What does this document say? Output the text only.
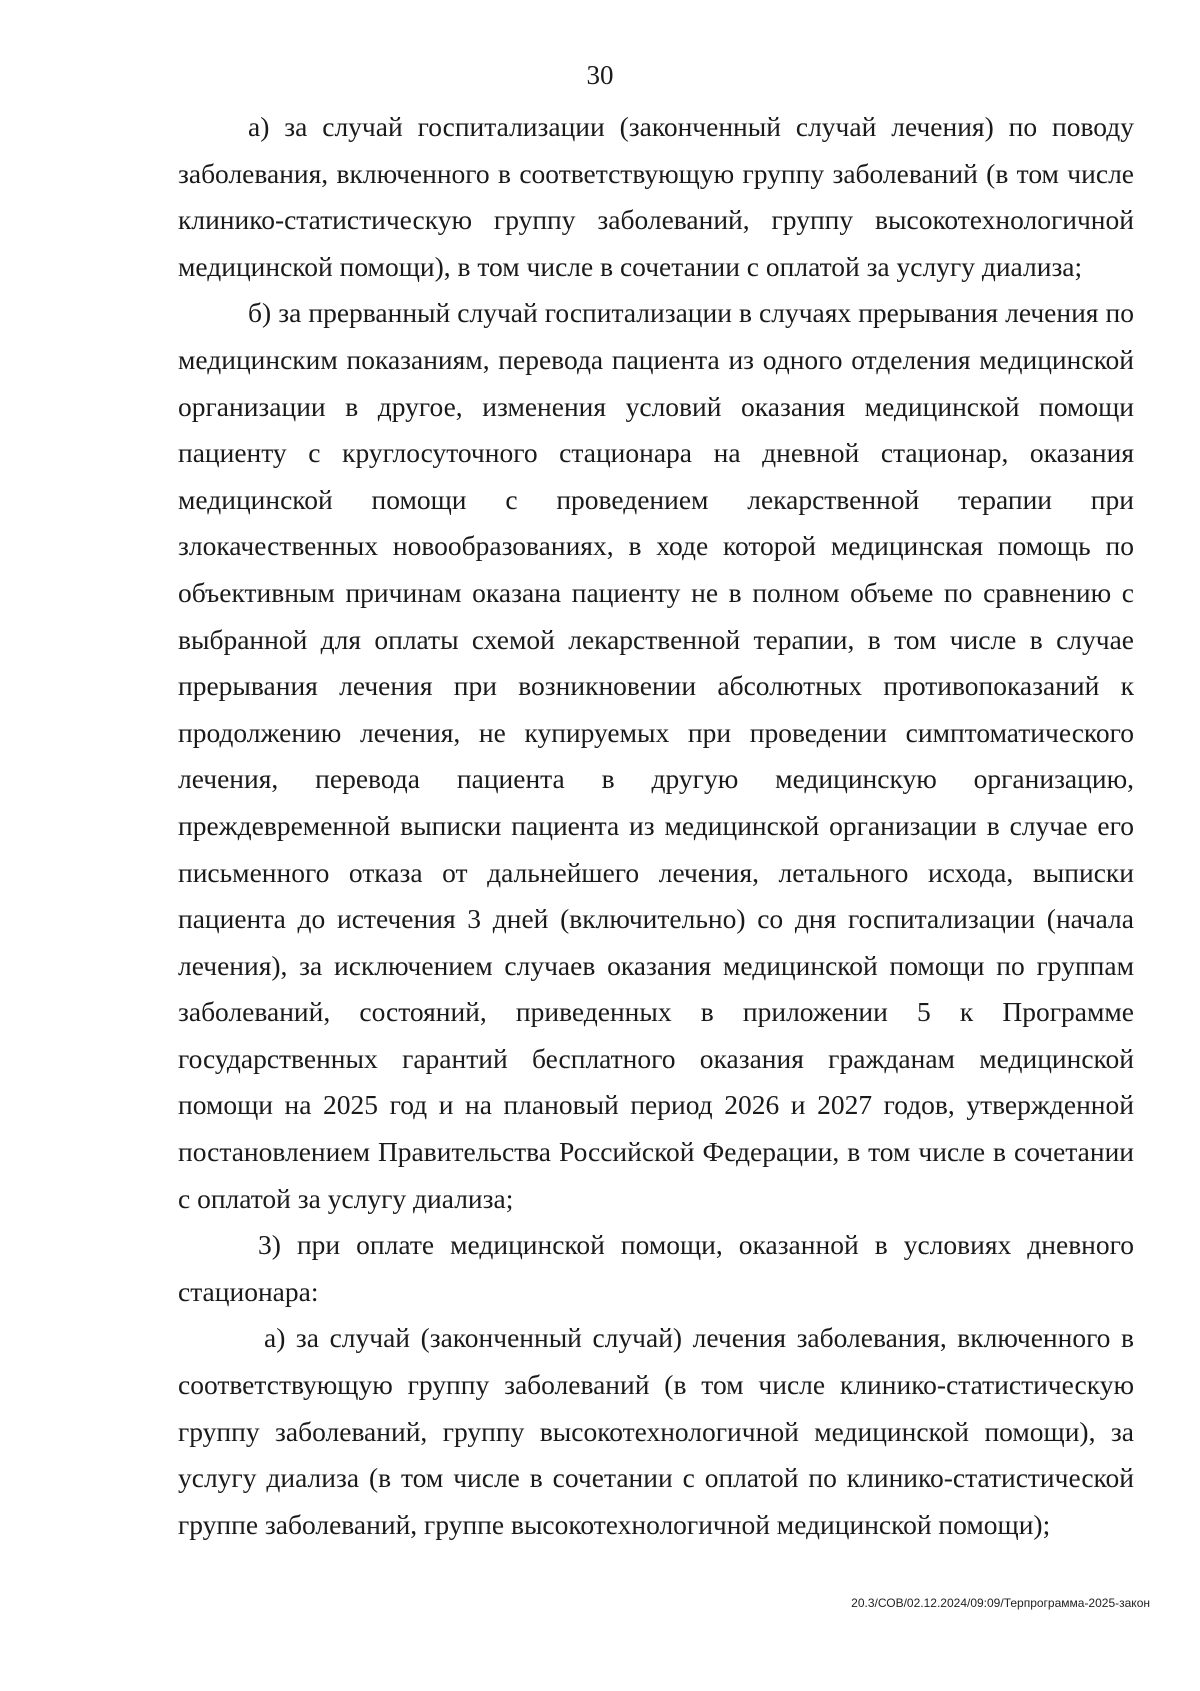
30

а) за случай госпитализации (законченный случай лечения) по поводу заболевания, включенного в соответствующую группу заболеваний (в том числе клинико-статистическую группу заболеваний, группу высокотехнологичной медицинской помощи), в том числе в сочетании с оплатой за услугу диализа;

б) за прерванный случай госпитализации в случаях прерывания лечения по медицинским показаниям, перевода пациента из одного отделения медицинской организации в другое, изменения условий оказания медицинской помощи пациенту с круглосуточного стационара на дневной стационар, оказания медицинской помощи с проведением лекарственной терапии при злокачественных новообразованиях, в ходе которой медицинская помощь по объективным причинам оказана пациенту не в полном объеме по сравнению с выбранной для оплаты схемой лекарственной терапии, в том числе в случае прерывания лечения при возникновении абсолютных противопоказаний к продолжению лечения, не купируемых при проведении симптоматического лечения, перевода пациента в другую медицинскую организацию, преждевременной выписки пациента из медицинской организации в случае его письменного отказа от дальнейшего лечения, летального исхода, выписки пациента до истечения 3 дней (включительно) со дня госпитализации (начала лечения), за исключением случаев оказания медицинской помощи по группам заболеваний, состояний, приведенных в приложении 5 к Программе государственных гарантий бесплатного оказания гражданам медицинской помощи на 2025 год и на плановый период 2026 и 2027 годов, утвержденной постановлением Правительства Российской Федерации, в том числе в сочетании с оплатой за услугу диализа;

3) при оплате медицинской помощи, оказанной в условиях дневного стационара:

а) за случай (законченный случай) лечения заболевания, включенного в соответствующую группу заболеваний (в том числе клинико-статистическую группу заболеваний, группу высокотехнологичной медицинской помощи), за услугу диализа (в том числе в сочетании с оплатой по клинико-статистической группе заболеваний, группе высокотехнологичной медицинской помощи);

20.3/СОВ/02.12.2024/09:09/Терпрограмма-2025-закон
